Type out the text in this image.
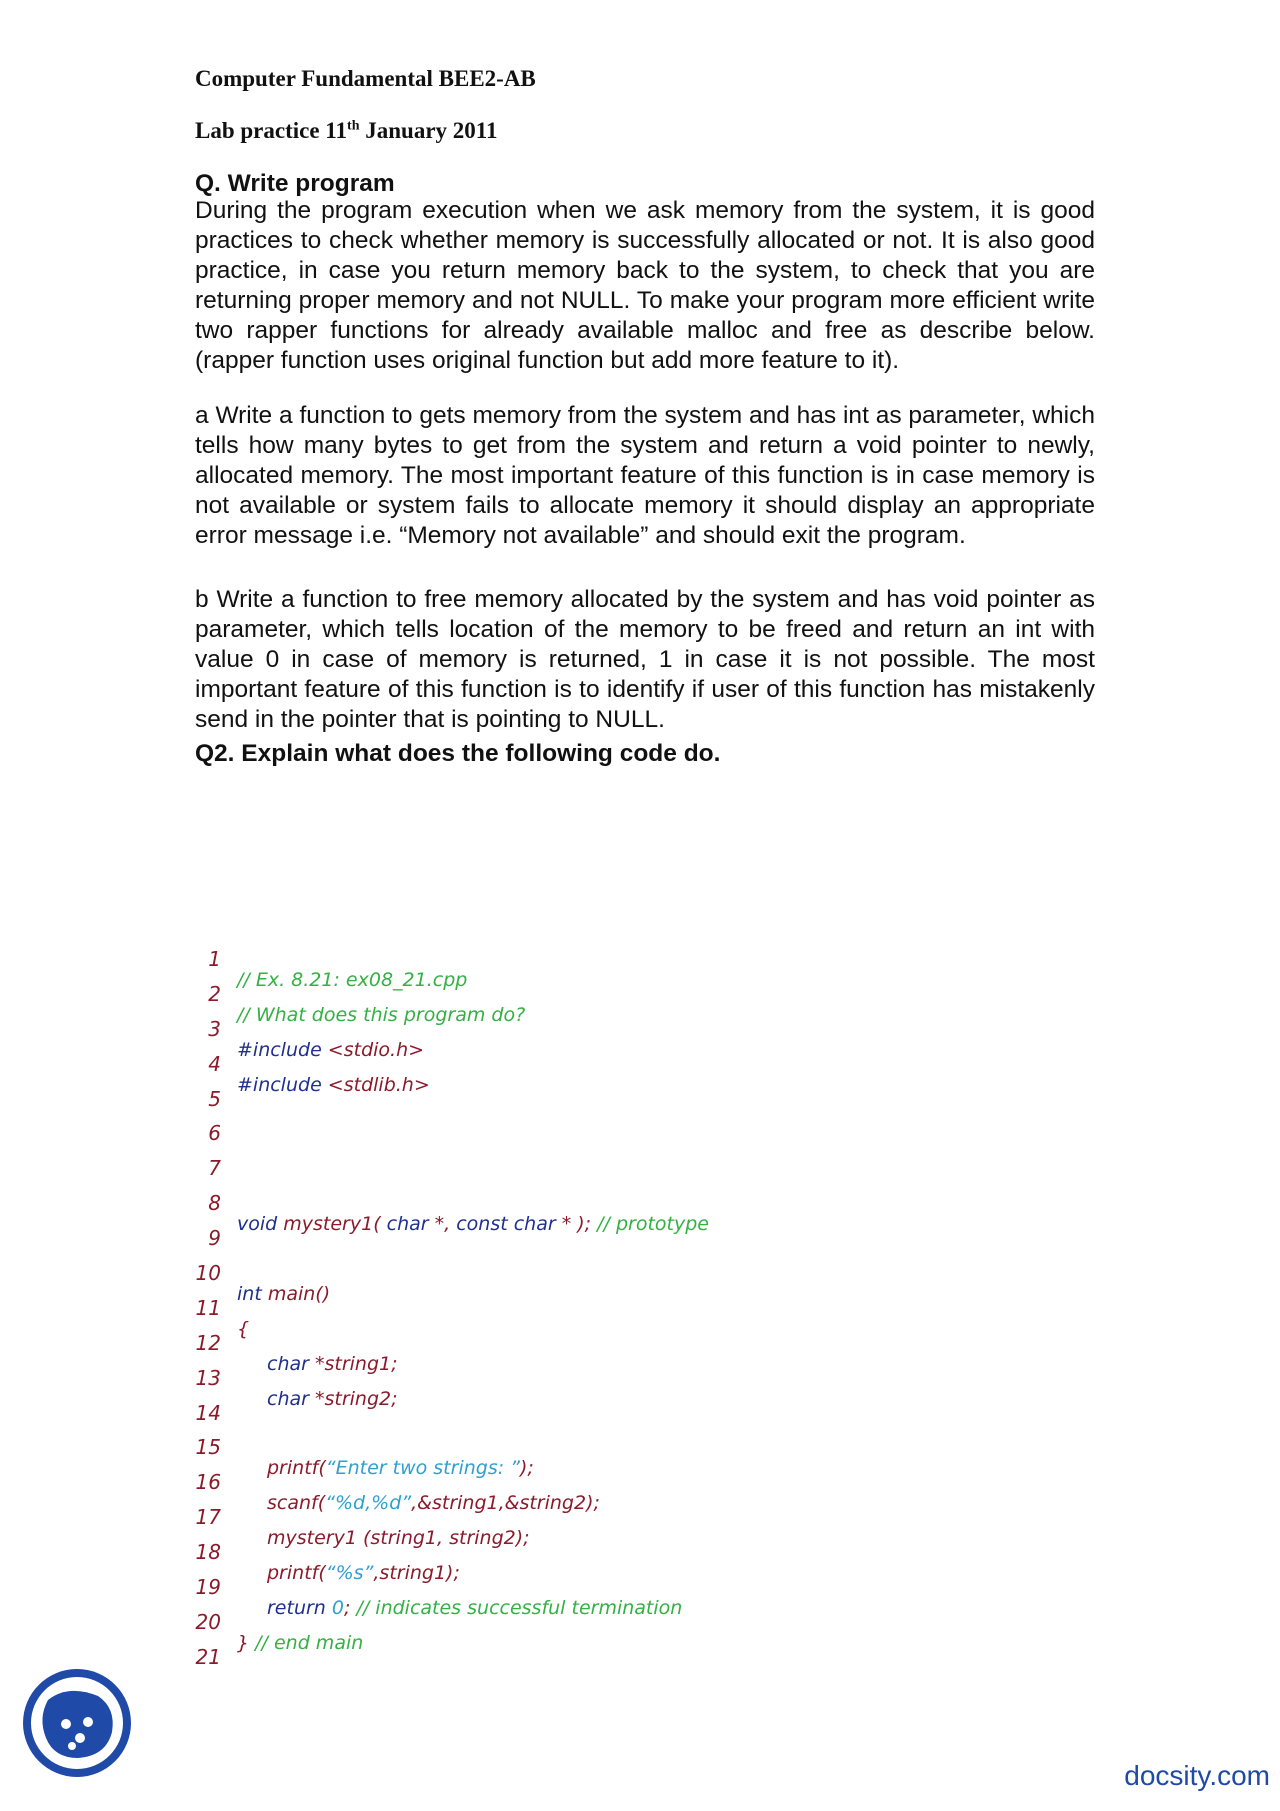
Computer Fundamental BEE2-AB
Lab practice 11th January 2011
Q. Write program
During the program execution when we ask memory from the system, it is good practices to check whether memory is successfully allocated or not. It is also good practice, in case you return memory back to the system, to check that you are returning proper memory and not NULL. To make your program more efficient write two rapper functions for already available malloc and free as describe below. (rapper function uses original function but add more feature to it).
a Write a function to gets memory from the system and has int as parameter, which tells how many bytes to get from the system and return a void pointer to newly, allocated memory. The most important feature of this function is in case memory is not available or system fails to allocate memory it should display an appropriate error message i.e. “Memory not available” and should exit the program.
b Write a function to free memory allocated by the system and has void pointer as parameter, which tells location of the memory to be freed and return an int with value 0 in case of memory is returned, 1 in case it is not possible. The most important feature of this function is to identify if user of this function has mistakenly send in the pointer that is pointing to NULL.
Q2. Explain what does the following code do.

1

// Ex. 8.21: ex08_21.cpp

2

// What does this program do?

3

#include <stdio.h>

4

#include <stdlib.h>

5

6

7

8

void mystery1( char *, const char * ); // prototype

9

10

int main()

11

{

12

char *string1;

13

char *string2;

14

15

printf(“Enter two strings: ”);

16

scanf(“%d,%d”,&string1,&string2);

17

mystery1 (string1, string2);

18

printf(“%s”,string1);

19

return 0; // indicates successful termination

20

} // end main

21

docsity.com
